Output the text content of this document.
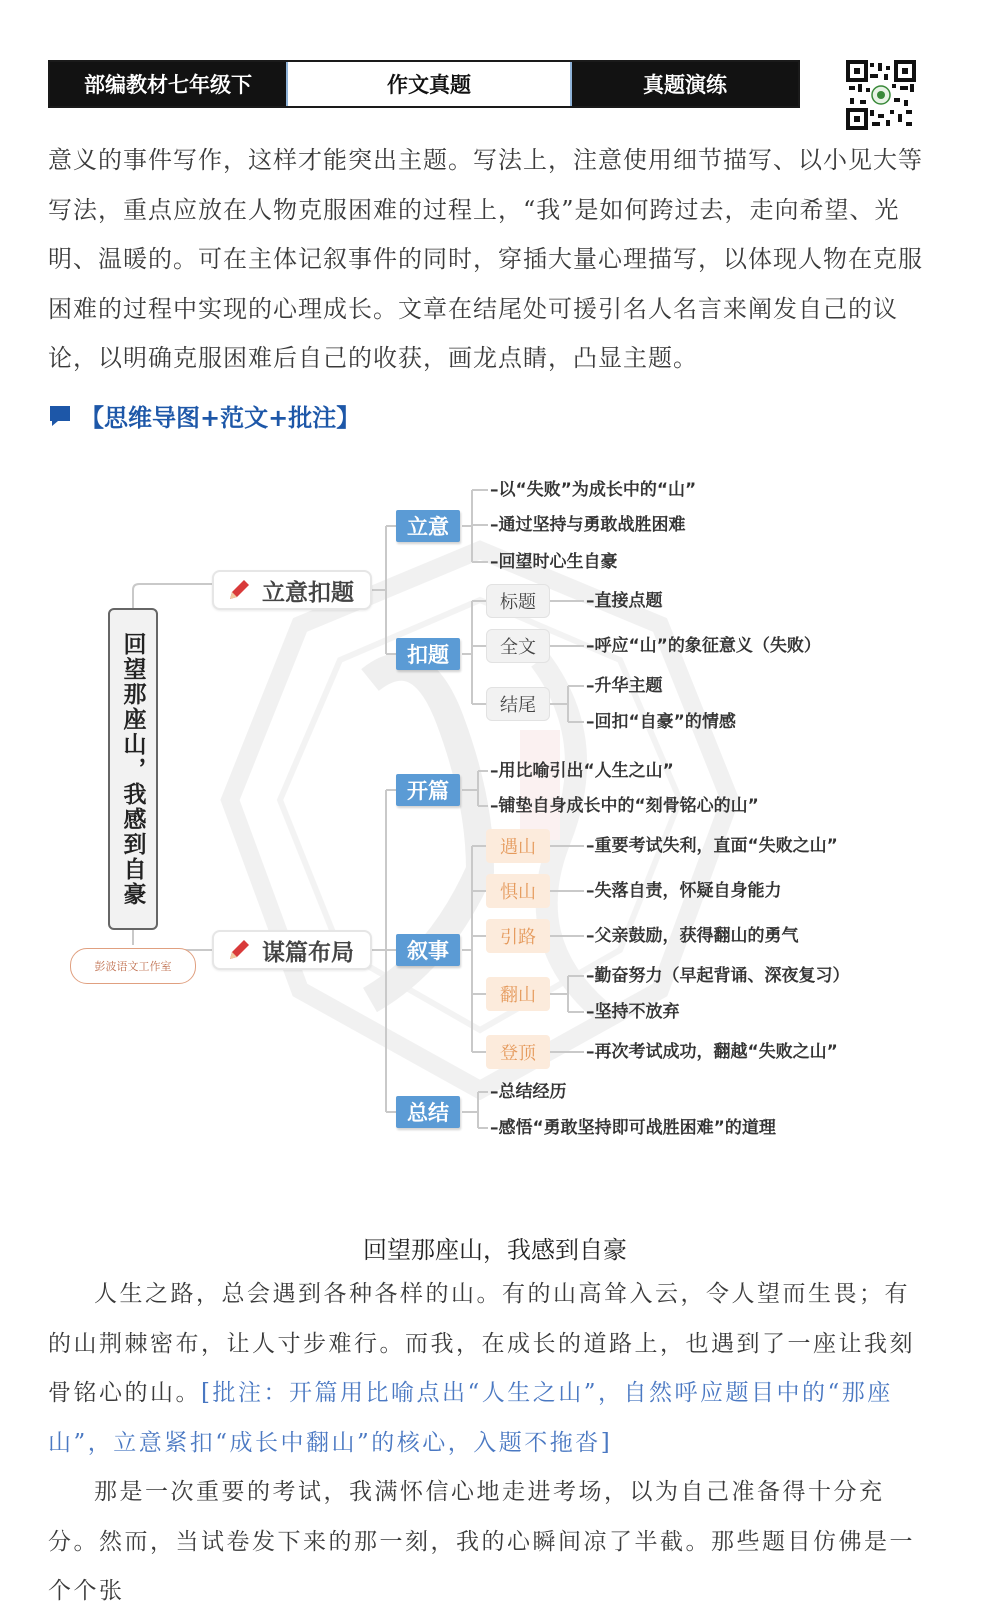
部编教材七年级下	作文真题	真题演练

意义的事件写作，这样才能突出主题。写法上，注意使用细节描写、以小见大等写法，重点应放在人物克服困难的过程上，“我”是如何跨过去，走向希望、光明、温暖的。可在主体记叙事件的同时，穿插大量心理描写，以体现人物在克服困难的过程中实现的心理成长。文章在结尾处可援引名人名言来阐发自己的议论，以明确克服困难后自己的收获，画龙点睛，凸显主题。

【思维导图+范文+批注】
回望那座山，我感到自豪
彭波语文工作室
立意扣题
立意
–以“失败”为成长中的“山”
–通过坚持与勇敢战胜困难
–回望时心生自豪
扣题
标题	–直接点题
全文	–呼应“山”的象征意义（失败）
结尾
–升华主题
–回扣“自豪”的情感
谋篇布局
开篇
–用比喻引出“人生之山”
–铺垫自身成长中的“刻骨铭心的山”
叙事
遇山	–重要考试失利，直面“失败之山”
惧山	–失落自责，怀疑自身能力
引路	–父亲鼓励，获得翻山的勇气
翻山
–勤奋努力（早起背诵、深夜复习）
–坚持不放弃
登顶	–再次考试成功，翻越“失败之山”
总结
–总结经历
–感悟“勇敢坚持即可战胜困难”的道理
回望那座山，我感到自豪

人生之路，总会遇到各种各样的山。有的山高耸入云，令人望而生畏；有的山荆棘密布，让人寸步难行。而我，在成长的道路上，也遇到了一座让我刻骨铭心的山。[批注：开篇用比喻点出“人生之山”，自然呼应题目中的“那座山”，立意紧扣“成长中翻山”的核心，入题不拖沓]

那是一次重要的考试，我满怀信心地走进考场，以为自己准备得十分充分。然而，当试卷发下来的那一刻，我的心瞬间凉了半截。那些题目仿佛是一个个张
